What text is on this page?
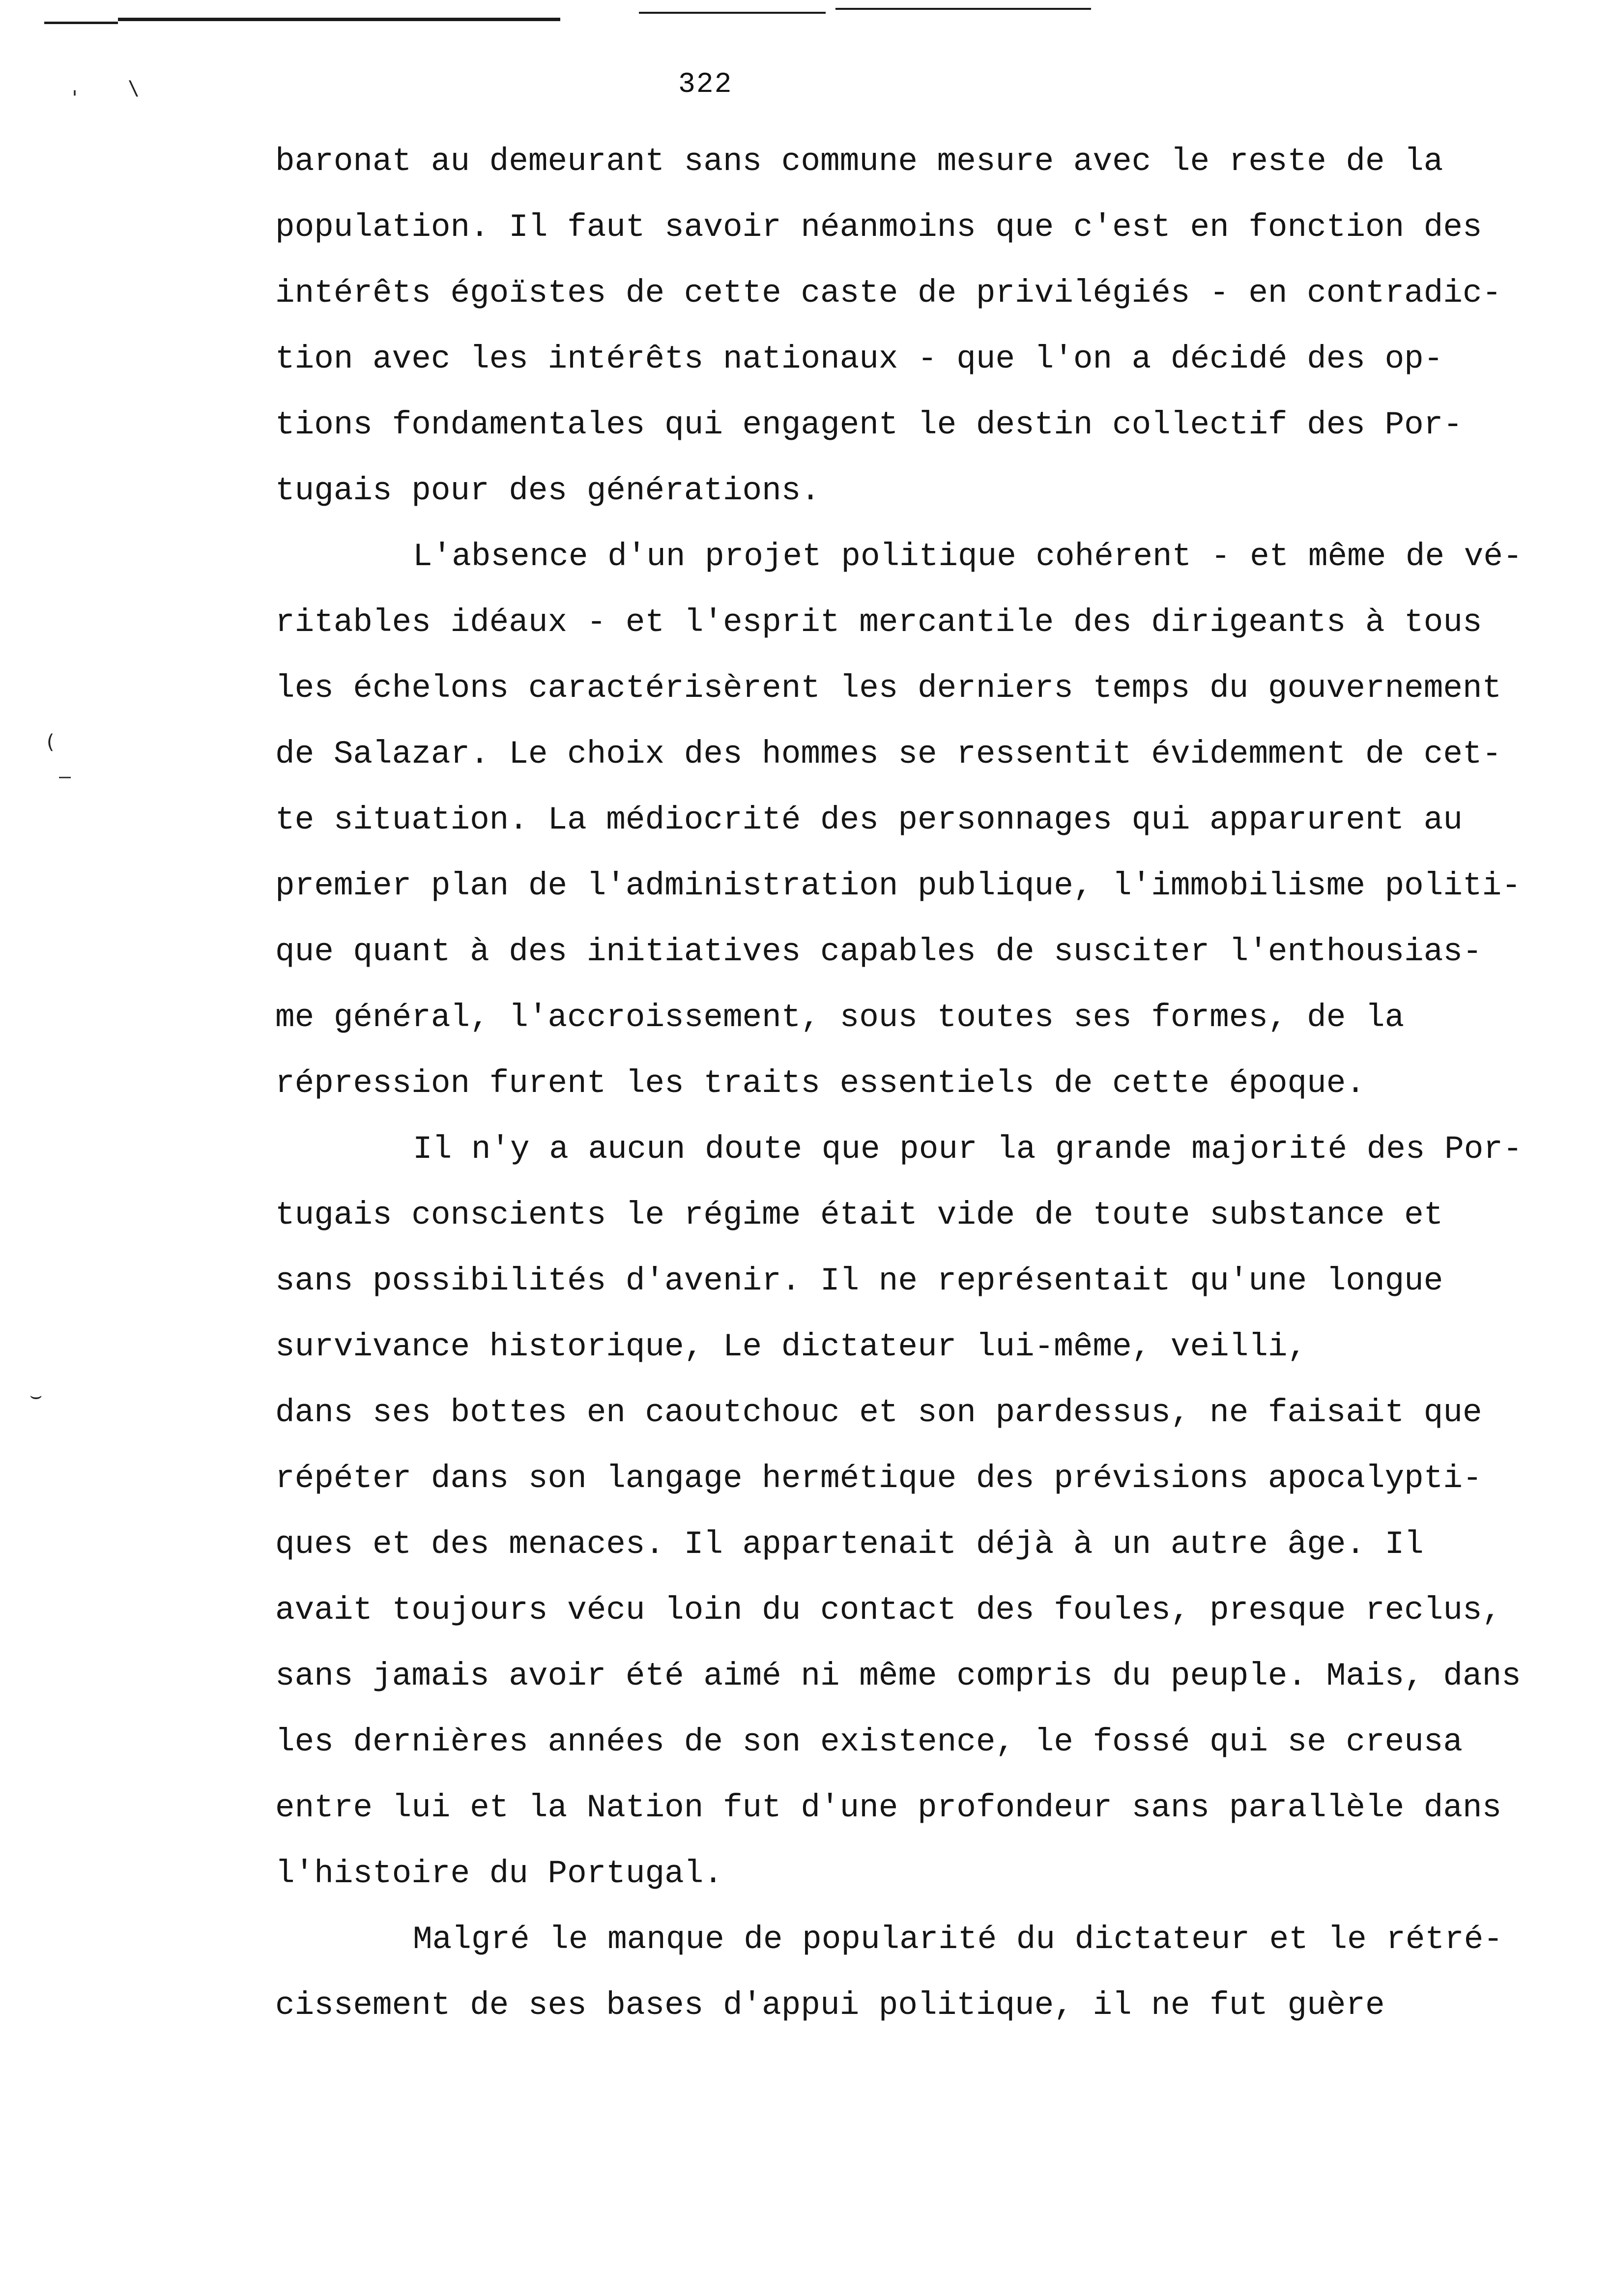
' \
(
—
⌣
322
baronat au demeurant sans commune mesure avec le reste de la
population. Il faut savoir néanmoins que c'est en fonction des
intérêts égoïstes de cette caste de privilégiés - en contradic-
tion avec les intérêts nationaux - que l'on a décidé des op-
tions fondamentales qui engagent le destin collectif des Por-
tugais pour des générations.
L'absence d'un projet politique cohérent - et même de vé-
ritables idéaux - et l'esprit mercantile des dirigeants à tous
les échelons caractérisèrent les derniers temps du gouvernement
de Salazar. Le choix des hommes se ressentit évidemment de cet-
te situation. La médiocrité des personnages qui apparurent au
premier plan de l'administration publique, l'immobilisme politi-
que quant à des initiatives capables de susciter l'enthousias-
me général, l'accroissement, sous toutes ses formes, de la
répression furent les traits essentiels de cette époque.
Il n'y a aucun doute que pour la grande majorité des Por-
tugais conscients le régime était vide de toute substance et
sans possibilités d'avenir. Il ne représentait qu'une longue
survivance historique, Le dictateur lui-même, veilli,
dans ses bottes en caoutchouc et son pardessus, ne faisait que
répéter dans son langage hermétique des prévisions apocalypti-
ques et des menaces. Il appartenait déjà à un autre âge. Il
avait toujours vécu loin du contact des foules, presque reclus,
sans jamais avoir été aimé ni même compris du peuple. Mais, dans
les dernières années de son existence, le fossé qui se creusa
entre lui et la Nation fut d'une profondeur sans parallèle dans
l'histoire du Portugal.
Malgré le manque de popularité du dictateur et le rétré-
cissement de ses bases d'appui politique, il ne fut guère
